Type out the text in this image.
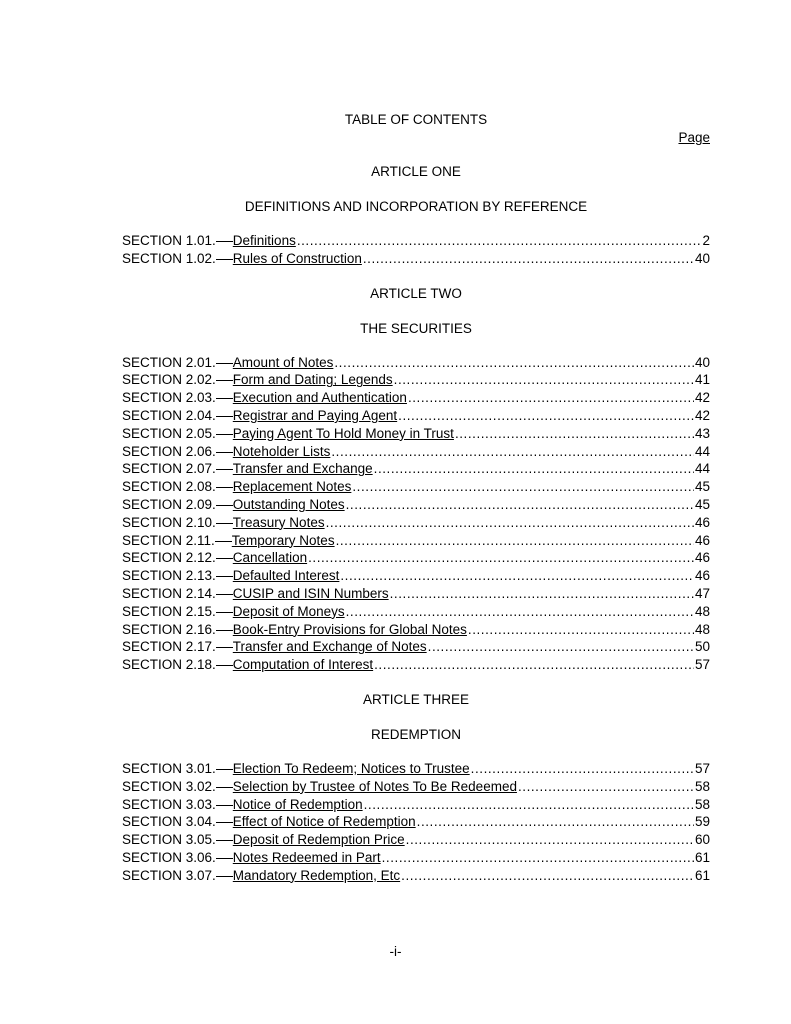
TABLE OF CONTENTS
Page
ARTICLE ONE
DEFINITIONS AND INCORPORATION BY REFERENCE
SECTION 1.01. Definitions . . .	2
SECTION 1.02. Rules of Construction . . .	40
ARTICLE TWO
THE SECURITIES
SECTION 2.01. Amount of Notes . . .	40
SECTION 2.02. Form and Dating; Legends . . .	41
SECTION 2.03. Execution and Authentication . . .	42
SECTION 2.04. Registrar and Paying Agent . . .	42
SECTION 2.05. Paying Agent To Hold Money in Trust . . .	43
SECTION 2.06. Noteholder Lists . . .	44
SECTION 2.07. Transfer and Exchange . . .	44
SECTION 2.08. Replacement Notes . . .	45
SECTION 2.09. Outstanding Notes . . .	45
SECTION 2.10. Treasury Notes . . .	46
SECTION 2.11. Temporary Notes . . .	46
SECTION 2.12. Cancellation . . .	46
SECTION 2.13. Defaulted Interest . . .	46
SECTION 2.14. CUSIP and ISIN Numbers . . .	47
SECTION 2.15. Deposit of Moneys . . .	48
SECTION 2.16. Book-Entry Provisions for Global Notes . . .	48
SECTION 2.17. Transfer and Exchange of Notes . . .	50
SECTION 2.18. Computation of Interest . . .	57
ARTICLE THREE
REDEMPTION
SECTION 3.01. Election To Redeem; Notices to Trustee . . .	57
SECTION 3.02. Selection by Trustee of Notes To Be Redeemed . . .	58
SECTION 3.03. Notice of Redemption . . .	58
SECTION 3.04. Effect of Notice of Redemption . . .	59
SECTION 3.05. Deposit of Redemption Price . . .	60
SECTION 3.06. Notes Redeemed in Part . . .	61
SECTION 3.07. Mandatory Redemption, Etc . . .	61
-i-
